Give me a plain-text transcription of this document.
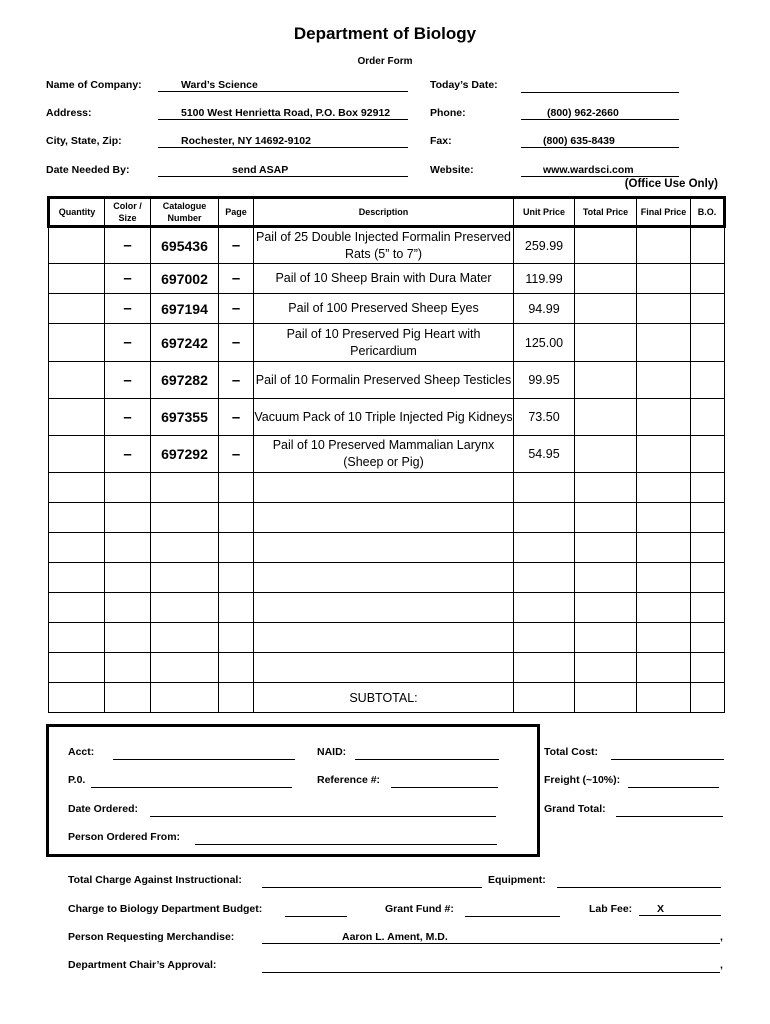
Department of Biology
Order Form
Name of Company:	Ward’s Science	Today’s Date:
Address:	5100 West Henrietta Road, P.O. Box 92912	Phone:	(800) 962-2660
City, State, Zip:	Rochester, NY 14692-9102	Fax:	(800) 635-8439
Date Needed By:	send ASAP	Website:	www.wardsci.com
(Office Use Only)
Quantity	Color / Size	Catalogue Number	Page	Description	Unit Price	Total Price	Final Price	B.O.
	–	695436	–	Pail of 25 Double Injected Formalin Preserved Rats (5” to 7”)	259.99			
	–	697002	–	Pail of 10 Sheep Brain with Dura Mater	119.99			
	–	697194	–	Pail of 100 Preserved Sheep Eyes	94.99			
	–	697242	–	Pail of 10 Preserved Pig Heart with Pericardium	125.00			
	–	697282	–	Pail of 10 Formalin Preserved Sheep Testicles	99.95			
	–	697355	–	Vacuum Pack of 10 Triple Injected Pig Kidneys	73.50			
	–	697292	–	Pail of 10 Preserved Mammalian Larynx (Sheep or Pig)	54.95			

				SUBTOTAL:				
Acct:	NAID:
P.0.	Reference #:
Date Ordered:
Person Ordered From:
Total Cost:
Freight (~10%):
Grand Total:
Total Charge Against Instructional:	Equipment:
Charge to Biology Department Budget:	Grant Fund #:	Lab Fee:	X
Person Requesting Merchandise:	Aaron L. Ament, M.D.	,
Department Chair’s Approval:	,
